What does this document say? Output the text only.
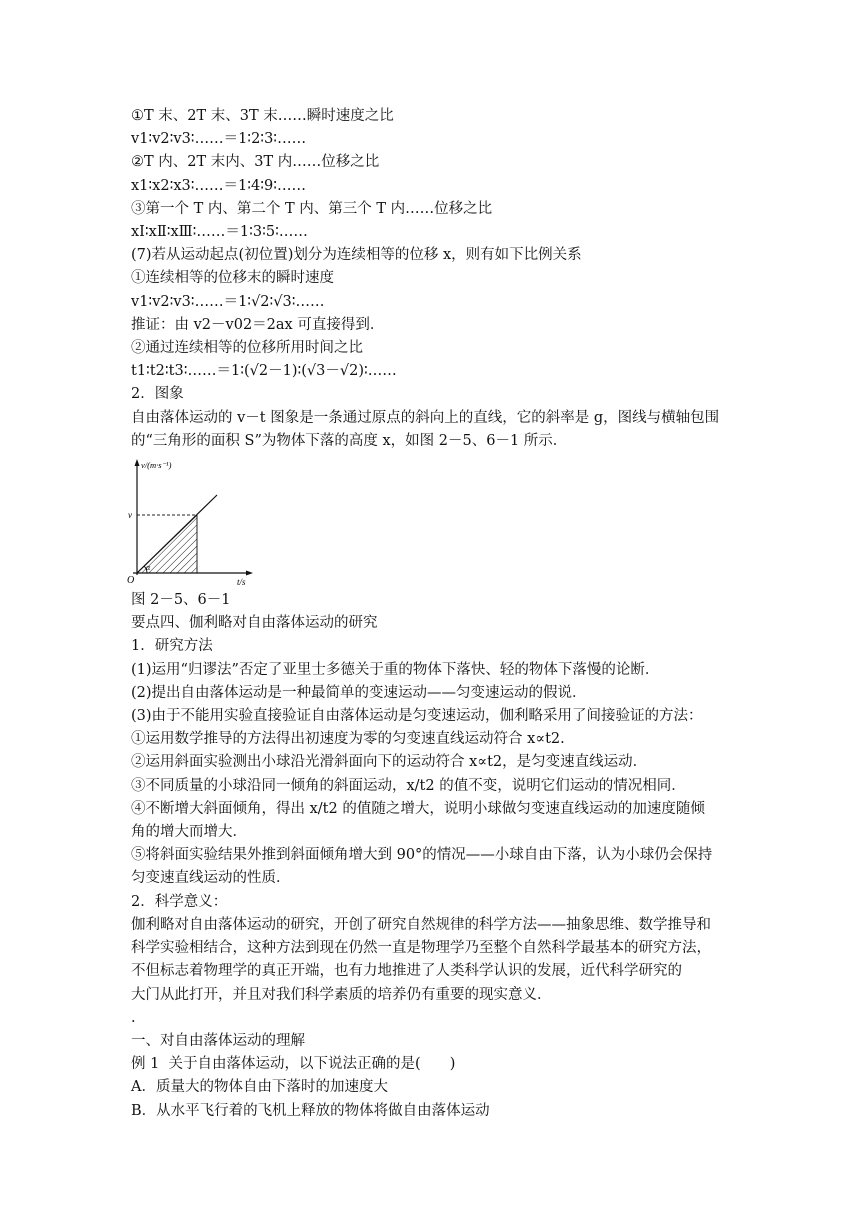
①T 末、2T 末、3T 末……瞬时速度之比
v1∶v2∶v3∶……＝1∶2∶3∶……
②T 内、2T 末内、3T 内……位移之比
x1∶x2∶x3∶……＝1∶4∶9∶……
③第一个 T 内、第二个 T 内、第三个 T 内……位移之比
xⅠ∶xⅡ∶xⅢ∶……＝1∶3∶5∶……
(7)若从运动起点(初位置)划分为连续相等的位移 x，则有如下比例关系
①连续相等的位移末的瞬时速度
v1∶v2∶v3∶……＝1∶√2∶√3∶……
推证：由 v2－v02＝2ax 可直接得到．
②通过连续相等的位移所用时间之比
t1∶t2∶t3∶……＝1∶(√2－1)∶(√3－√2)∶……
2．图象
自由落体运动的 v－t 图象是一条通过原点的斜向上的直线，它的斜率是 g，图线与横轴包围
的“三角形的面积 S”为物体下落的高度 x，如图 2－5、6－1 所示．
v/(m·s⁻¹)
t/s
v
O
α
图 2－5、6－1
要点四、伽利略对自由落体运动的研究
1．研究方法
(1)运用“归谬法”否定了亚里士多德关于重的物体下落快、轻的物体下落慢的论断．
(2)提出自由落体运动是一种最简单的变速运动——匀变速运动的假说．
(3)由于不能用实验直接验证自由落体运动是匀变速运动，伽利略采用了间接验证的方法：
①运用数学推导的方法得出初速度为零的匀变速直线运动符合 x∝t2.
②运用斜面实验测出小球沿光滑斜面向下的运动符合 x∝t2，是匀变速直线运动．
③不同质量的小球沿同一倾角的斜面运动，x/t2 的值不变，说明它们运动的情况相同．
④不断增大斜面倾角，得出 x/t2 的值随之增大，说明小球做匀变速直线运动的加速度随倾
角的增大而增大．
⑤将斜面实验结果外推到斜面倾角增大到 90°的情况——小球自由下落，认为小球仍会保持
匀变速直线运动的性质．
2．科学意义：
伽利略对自由落体运动的研究，开创了研究自然规律的科学方法——抽象思维、数学推导和
科学实验相结合，这种方法到现在仍然一直是物理学乃至整个自然科学最基本的研究方法，
不但标志着物理学的真正开端，也有力地推进了人类科学认识的发展，近代科学研究的
大门从此打开，并且对我们科学素质的培养仍有重要的现实意义．
.
一、对自由落体运动的理解
例 1  关于自由落体运动，以下说法正确的是(　　)
A．质量大的物体自由下落时的加速度大
B．从水平飞行着的飞机上释放的物体将做自由落体运动
